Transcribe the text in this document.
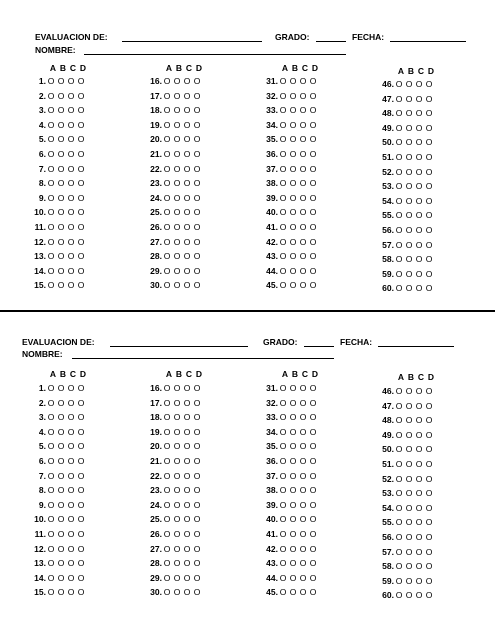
EVALUACION DE:	GRADO:	FECHA:
NOMBRE:
A B C D
1. O O O O
2. O O O O
3. O O O O
4. O O O O
5. O O O O
6. O O O O
7. O O O O
8. O O O O
9. O O O O
10. O O O O
11. O O O O
12. O O O O
13. O O O O
14. O O O O
15. O O O O
A B C D
16. O O O O
17. O O O O
18. O O O O
19. O O O O
20. O O O O
21. O O O O
22. O O O O
23. O O O O
24. O O O O
25. O O O O
26. O O O O
27. O O O O
28. O O O O
29. O O O O
30. O O O O
A B C D
31. O O O O
32. O O O O
33. O O O O
34. O O O O
35. O O O O
36. O O O O
37. O O O O
38. O O O O
39. O O O O
40. O O O O
41. O O O O
42. O O O O
43. O O O O
44. O O O O
45. O O O O
A B C D
46. O O O O
47. O O O O
48. O O O O
49. O O O O
50. O O O O
51. O O O O
52. O O O O
53. O O O O
54. O O O O
55. O O O O
56. O O O O
57. O O O O
58. O O O O
59. O O O O
60. O O O O
EVALUACION DE:	GRADO:	FECHA:
NOMBRE:
A B C D
1. O O O O
2. O O O O
3. O O O O
4. O O O O
5. O O O O
6. O O O O
7. O O O O
8. O O O O
9. O O O O
10. O O O O
11. O O O O
12. O O O O
13. O O O O
14. O O O O
15. O O O O
A B C D
16. O O O O
17. O O O O
18. O O O O
19. O O O O
20. O O O O
21. O O O O
22. O O O O
23. O O O O
24. O O O O
25. O O O O
26. O O O O
27. O O O O
28. O O O O
29. O O O O
30. O O O O
A B C D
31. O O O O
32. O O O O
33. O O O O
34. O O O O
35. O O O O
36. O O O O
37. O O O O
38. O O O O
39. O O O O
40. O O O O
41. O O O O
42. O O O O
43. O O O O
44. O O O O
45. O O O O
A B C D
46. O O O O
47. O O O O
48. O O O O
49. O O O O
50. O O O O
51. O O O O
52. O O O O
53. O O O O
54. O O O O
55. O O O O
56. O O O O
57. O O O O
58. O O O O
59. O O O O
60. O O O O
